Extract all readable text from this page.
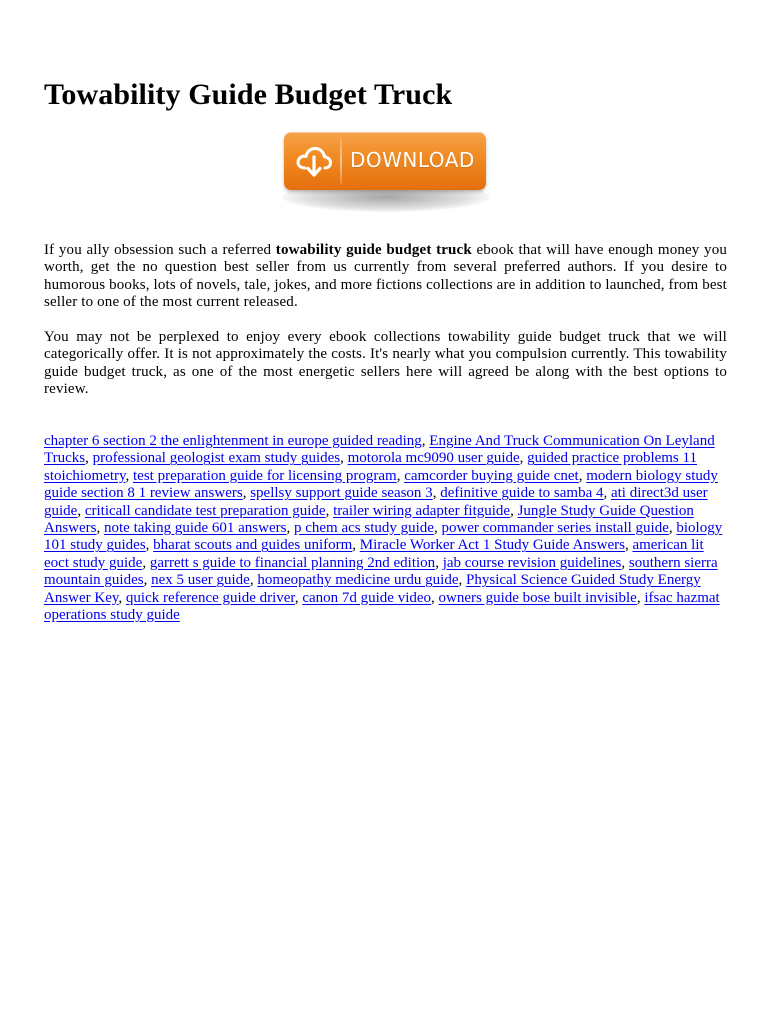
Towability Guide Budget Truck
DOWNLOAD

If you ally obsession such a referred towability guide budget truck ebook that will have enough money you worth, get the no question best seller from us currently from several preferred authors. If you desire to humorous books, lots of novels, tale, jokes, and more fictions collections are in addition to launched, from best seller to one of the most current released.

You may not be perplexed to enjoy every ebook collections towability guide budget truck that we will categorically offer. It is not approximately the costs. It's nearly what you compulsion currently. This towability guide budget truck, as one of the most energetic sellers here will agreed be along with the best options to review.

chapter 6 section 2 the enlightenment in europe guided reading, Engine And Truck Communication On Leyland Trucks, professional geologist exam study guides, motorola mc9090 user guide, guided practice problems 11 stoichiometry, test preparation guide for licensing program, camcorder buying guide cnet, modern biology study guide section 8 1 review answers, spellsy support guide season 3, definitive guide to samba 4, ati direct3d user guide, criticall candidate test preparation guide, trailer wiring adapter fitguide, Jungle Study Guide Question Answers, note taking guide 601 answers, p chem acs study guide, power commander series install guide, biology 101 study guides, bharat scouts and guides uniform, Miracle Worker Act 1 Study Guide Answers, american lit eoct study guide, garrett s guide to financial planning 2nd edition, jab course revision guidelines, southern sierra mountain guides, nex 5 user guide, homeopathy medicine urdu guide, Physical Science Guided Study Energy Answer Key, quick reference guide driver, canon 7d guide video, owners guide bose built invisible, ifsac hazmat operations study guide
